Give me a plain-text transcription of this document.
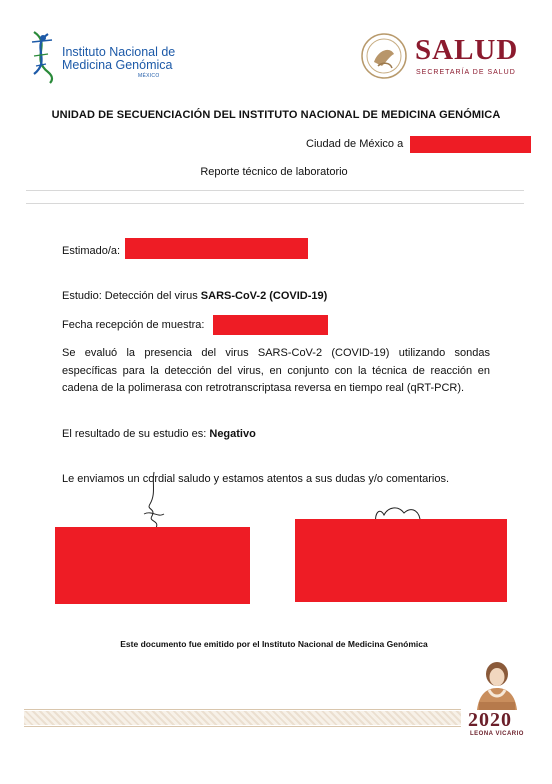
Instituto Nacional de
Medicina Genómica
MÉXICO
SALUD
SECRETARÍA DE SALUD
UNIDAD DE SECUENCIACIÓN DEL INSTITUTO NACIONAL DE MEDICINA GENÓMICA
Ciudad de México a
Reporte técnico de laboratorio
Estimado/a:
Estudio: Detección del virus SARS-CoV-2 (COVID-19)
Fecha recepción de muestra:
Se evaluó la presencia del virus SARS-CoV-2 (COVID-19) utilizando sondas específicas para la detección del virus, en conjunto con la técnica de reacción en cadena de la polimerasa con retrotranscriptasa reversa en tiempo real (qRT-PCR).
El resultado de su estudio es: Negativo
Le enviamos un cordial saludo y estamos atentos a sus dudas y/o comentarios.
Este documento fue emitido por el Instituto Nacional de Medicina Genómica
2020
LEONA VICARIO
